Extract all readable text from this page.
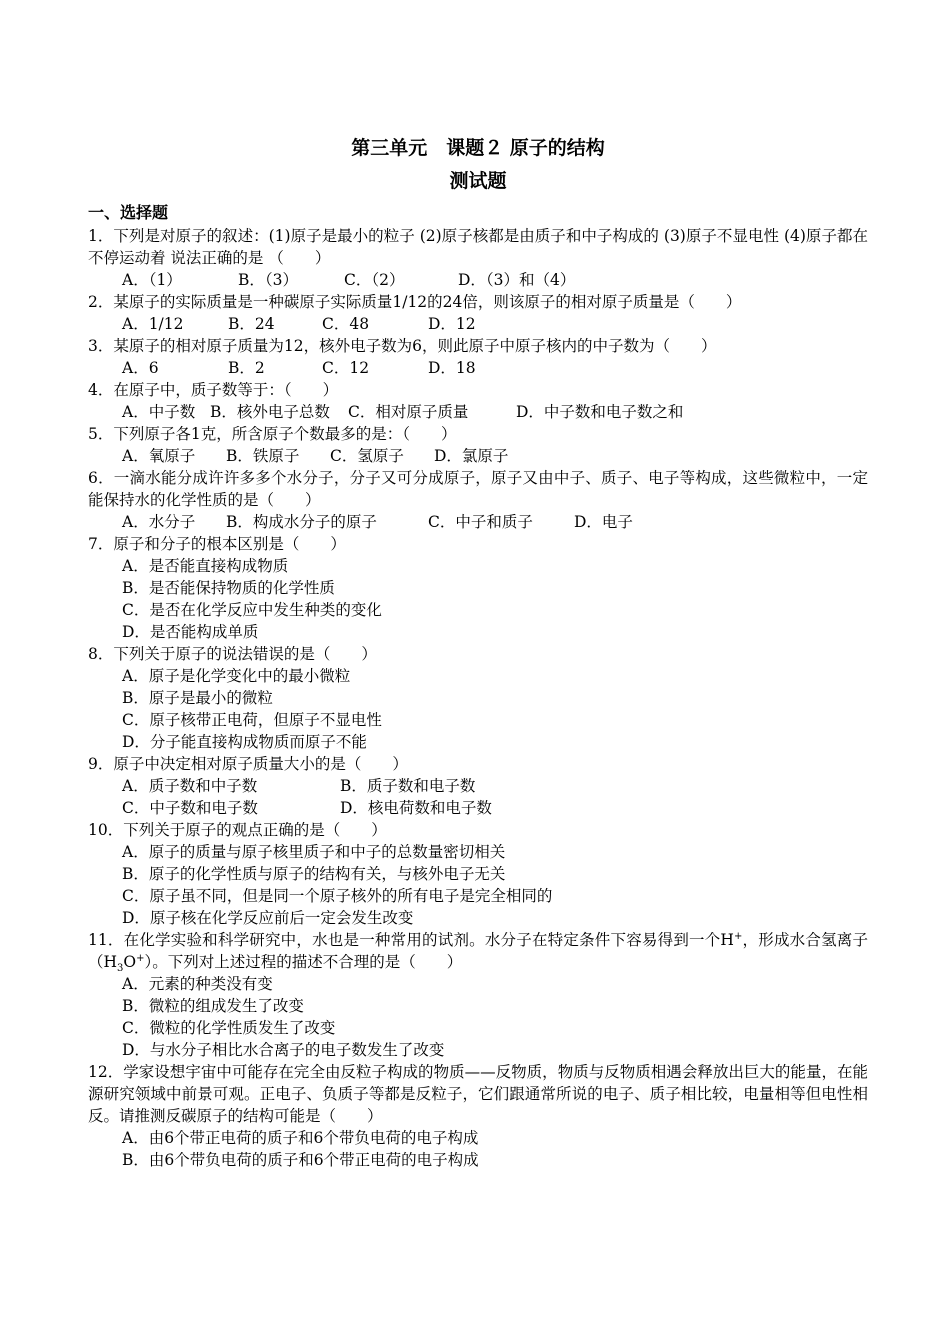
第三单元　课题２ 原子的结构
测试题
一、选择题
1．下列是对原子的叙述：(1)原子是最小的粒子 (2)原子核都是由质子和中子构成的 (3)原子不显电性 (4)原子都在不停运动着 说法正确的是 （　　）
A．（1）	B．（3）	C．（2）	D．（3）和（4）
2．某原子的实际质量是一种碳原子实际质量1/12的24倍，则该原子的相对原子质量是（　　）
A．1/12	B．24	C．48	D．12
3．某原子的相对原子质量为12，核外电子数为6，则此原子中原子核内的中子数为（　　）
A．6	B．2	C．12	D．18
4．在原子中，质子数等于：（　　）
A．中子数 B．核外电子总数 C．相对原子质量	D．中子数和电子数之和
5．下列原子各1克，所含原子个数最多的是：（　　）
A．氧原子 B．铁原子 C．氢原子 D．氯原子
6．一滴水能分成许许多多个水分子，分子又可分成原子，原子又由中子、质子、电子等构成，这些微粒中，一定能保持水的化学性质的是（　　）
A．水分子 B．构成水分子的原子	C．中子和质子	D．电子
7．原子和分子的根本区别是（　　）
A．是否能直接构成物质
B．是否能保持物质的化学性质
C．是否在化学反应中发生种类的变化
D．是否能构成单质
8．下列关于原子的说法错误的是（　　）
A．原子是化学变化中的最小微粒
B．原子是最小的微粒
C．原子核带正电荷，但原子不显电性
D．分子能直接构成物质而原子不能
9．原子中决定相对原子质量大小的是（　　）
A．质子数和中子数	B．质子数和电子数
C．中子数和电子数	D．核电荷数和电子数
10．下列关于原子的观点正确的是（　　）
A．原子的质量与原子核里质子和中子的总数量密切相关
B．原子的化学性质与原子的结构有关，与核外电子无关
C．原子虽不同，但是同一个原子核外的所有电子是完全相同的
D．原子核在化学反应前后一定会发生改变
11．在化学实验和科学研究中，水也是一种常用的试剂。水分子在特定条件下容易得到一个H+，形成水合氢离子$(H_3O^+)$。下列对上述过程的描述不合理的是（　　）
A．元素的种类没有变
B．微粒的组成发生了改变
C．微粒的化学性质发生了改变
D．与水分子相比水合离子的电子数发生了改变
12．学家设想宇宙中可能存在完全由反粒子构成的物质——反物质，物质与反物质相遇会释放出巨大的能量，在能源研究领域中前景可观。正电子、负质子等都是反粒子，它们跟通常所说的电子、质子相比较，电量相等但电性相反。请推测反碳原子的结构可能是（　　）
A．由6个带正电荷的质子和6个带负电荷的电子构成
B．由6个带负电荷的质子和6个带正电荷的电子构成
